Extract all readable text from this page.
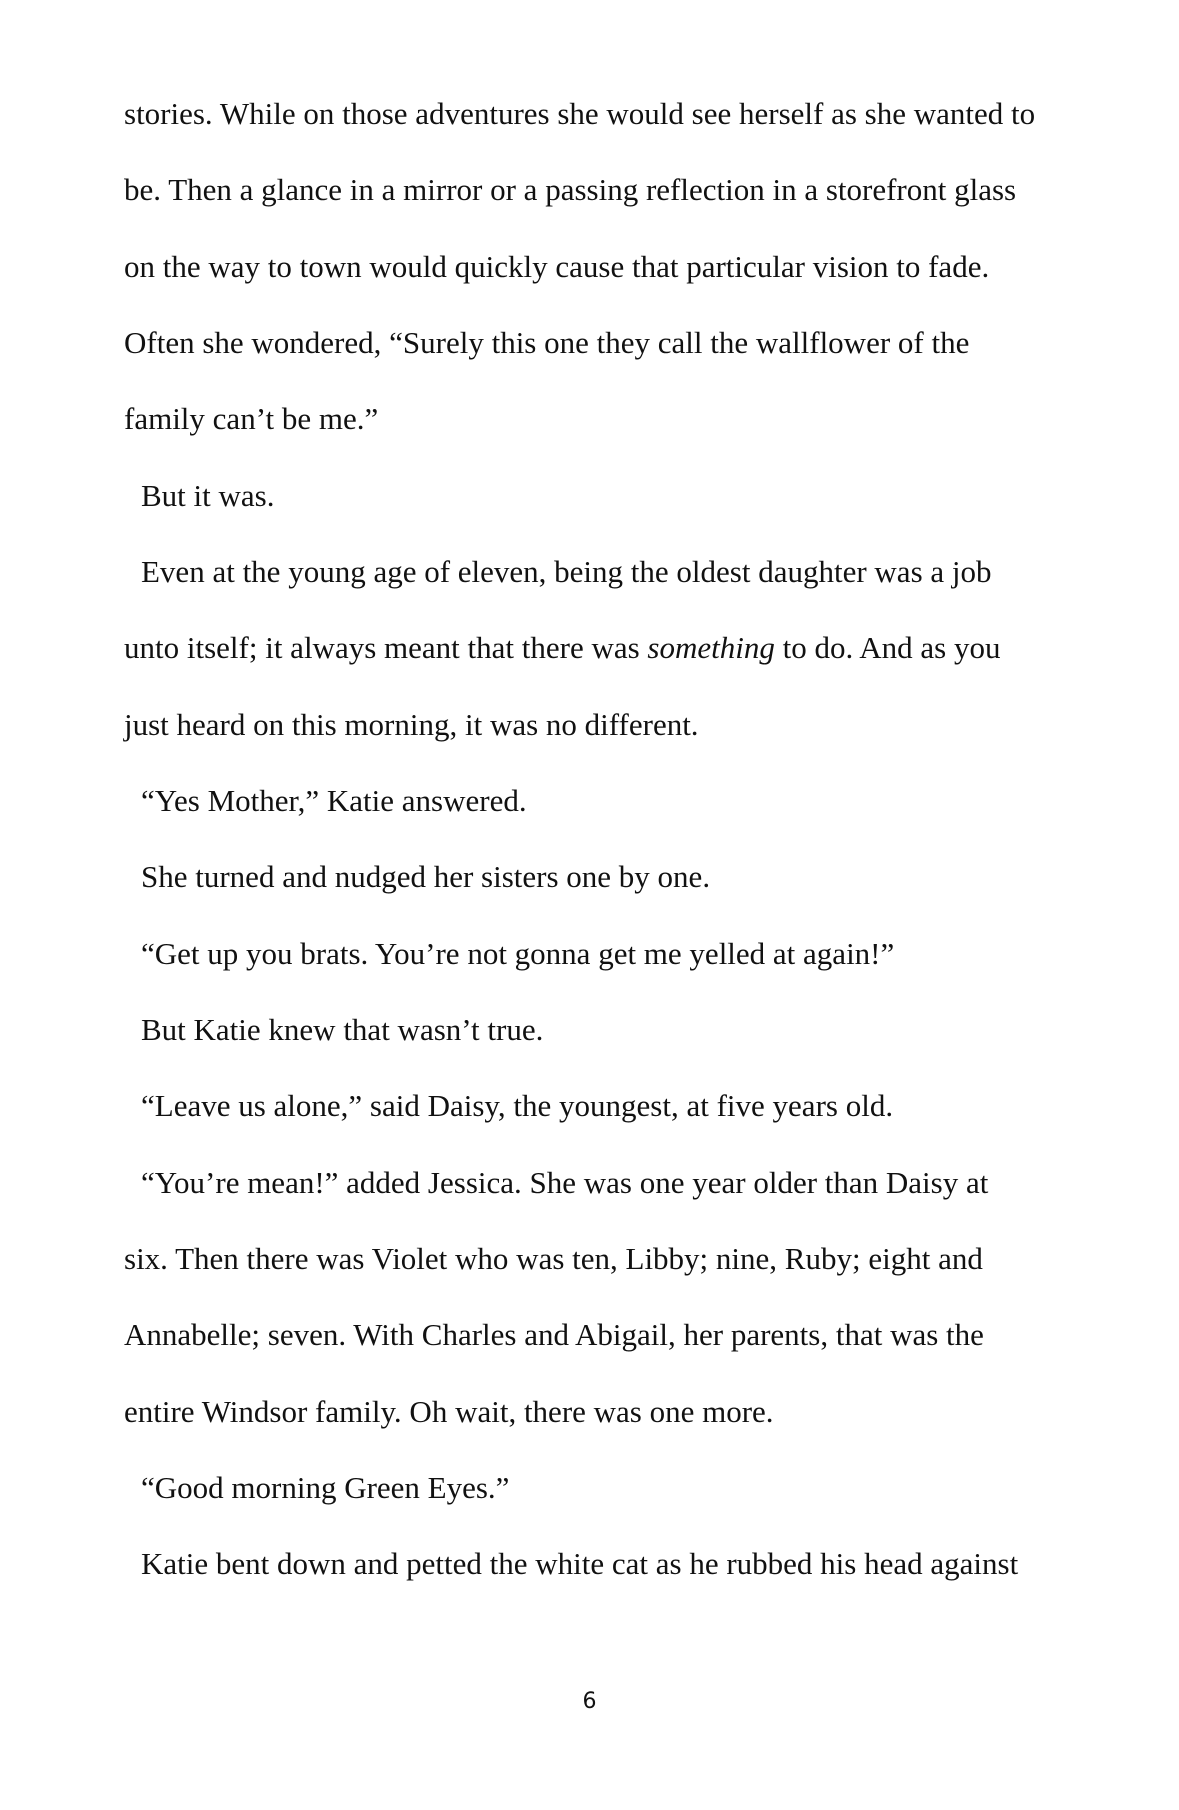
stories. While on those adventures she would see herself as she wanted to

be. Then a glance in a mirror or a passing reflection in a storefront glass

on the way to town would quickly cause that particular vision to fade.

Often she wondered, “Surely this one they call the wallflower of the

family can’t be me.”

But it was.

Even at the young age of eleven, being the oldest daughter was a job

unto itself; it always meant that there was something to do. And as you

just heard on this morning, it was no different.

“Yes Mother,” Katie answered.

She turned and nudged her sisters one by one.

“Get up you brats. You’re not gonna get me yelled at again!”

But Katie knew that wasn’t true.

“Leave us alone,” said Daisy, the youngest, at five years old.

“You’re mean!” added Jessica. She was one year older than Daisy at

six. Then there was Violet who was ten, Libby; nine, Ruby; eight and

Annabelle; seven. With Charles and Abigail, her parents, that was the

entire Windsor family. Oh wait, there was one more.

“Good morning Green Eyes.”

Katie bent down and petted the white cat as he rubbed his head against

6
